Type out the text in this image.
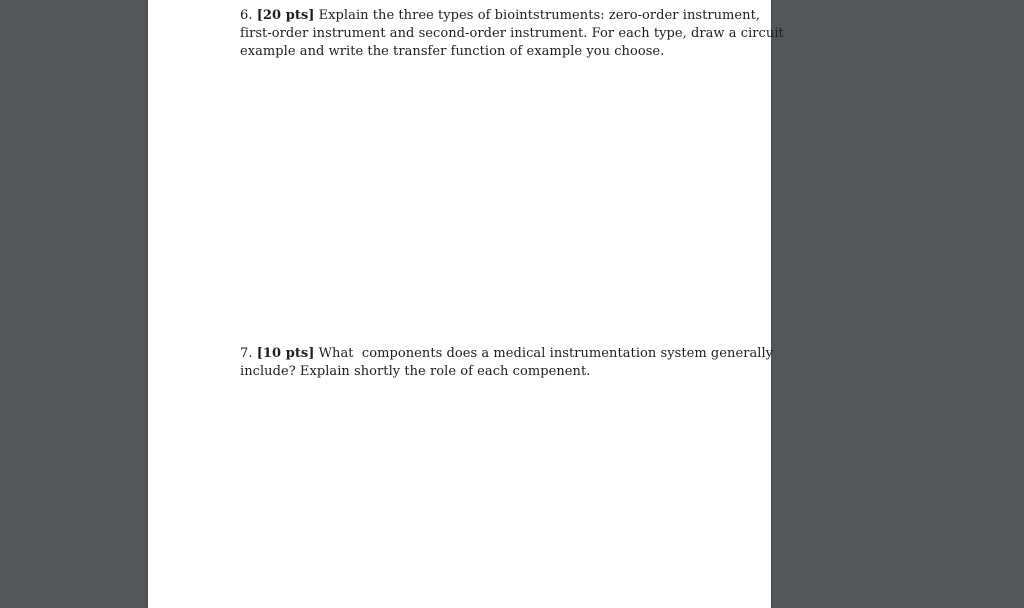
6. [20 pts] Explain the three types of biointstruments: zero-order instrument,
first-order instrument and second-order instrument. For each type, draw a circuit
example and write the transfer function of example you choose.
7. [10 pts] What  components does a medical instrumentation system generally
include? Explain shortly the role of each compenent.
